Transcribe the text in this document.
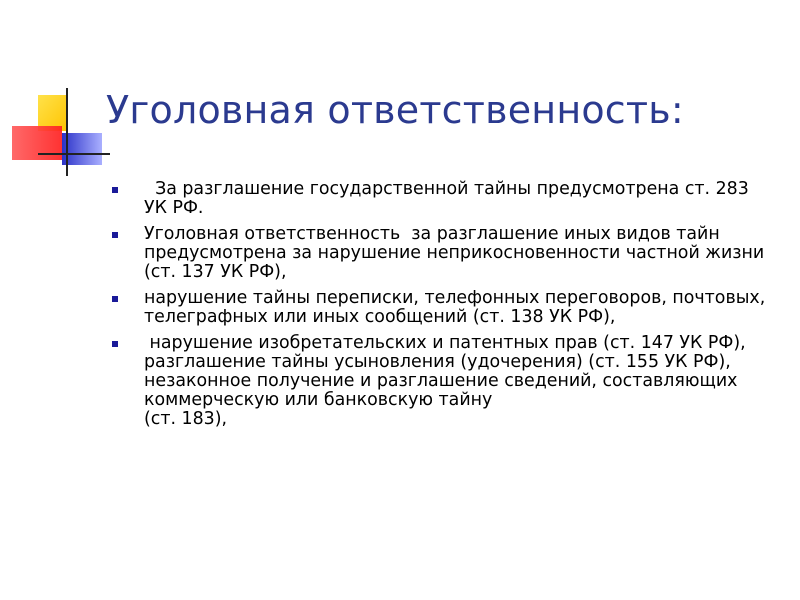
Уголовная ответственность:
За разглашение государственной тайны предусмотрена ст. 283 УК РФ.
Уголовная ответственность  за разглашение иных видов тайн  предусмотрена за нарушение неприкосновенности частной жизни (ст. 137 УК РФ),
нарушение тайны переписки, телефонных переговоров, почтовых, телеграфных или иных сообщений (ст. 138 УК РФ),
нарушение изобретательских и патентных прав (ст. 147 УК РФ), разглашение тайны усыновления (удочерения) (ст. 155 УК РФ), незаконное получение и разглашение сведений, составляющих коммерческую или банковскую тайну
(ст. 183),
